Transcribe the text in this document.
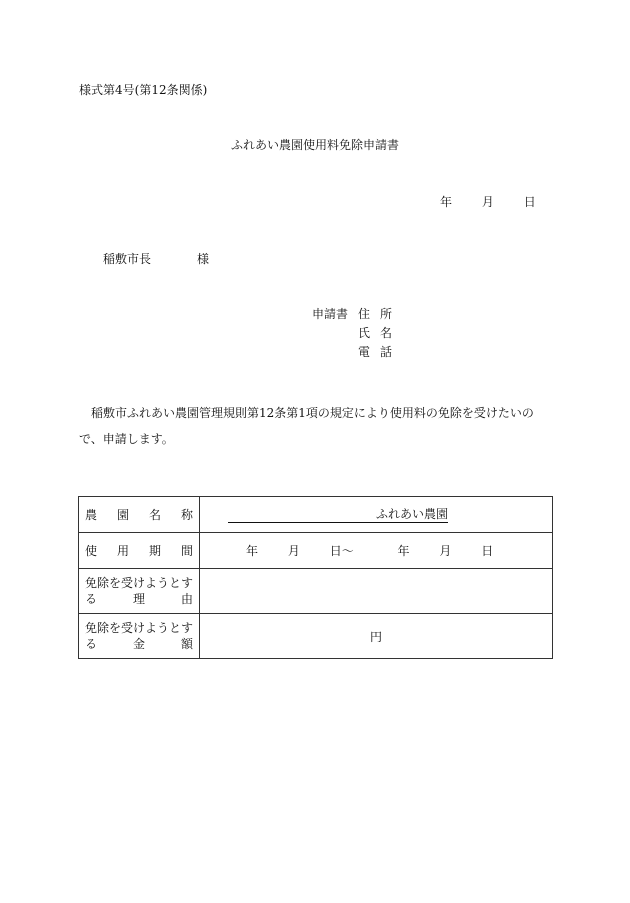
様式第4号(第12条関係)
ふれあい農園使用料免除申請書
年 月 日
稲敷市長	様
申請書 住 所
氏 名
電 話
稲敷市ふれあい農園管理規則第12条第1項の規定により使用料の免除を受けたいので、申請します。
農園名称	ふれあい農園
使用期間	年 月 日〜 年 月 日
免除を受けようとする理由	
免除を受けようとする金額	円
